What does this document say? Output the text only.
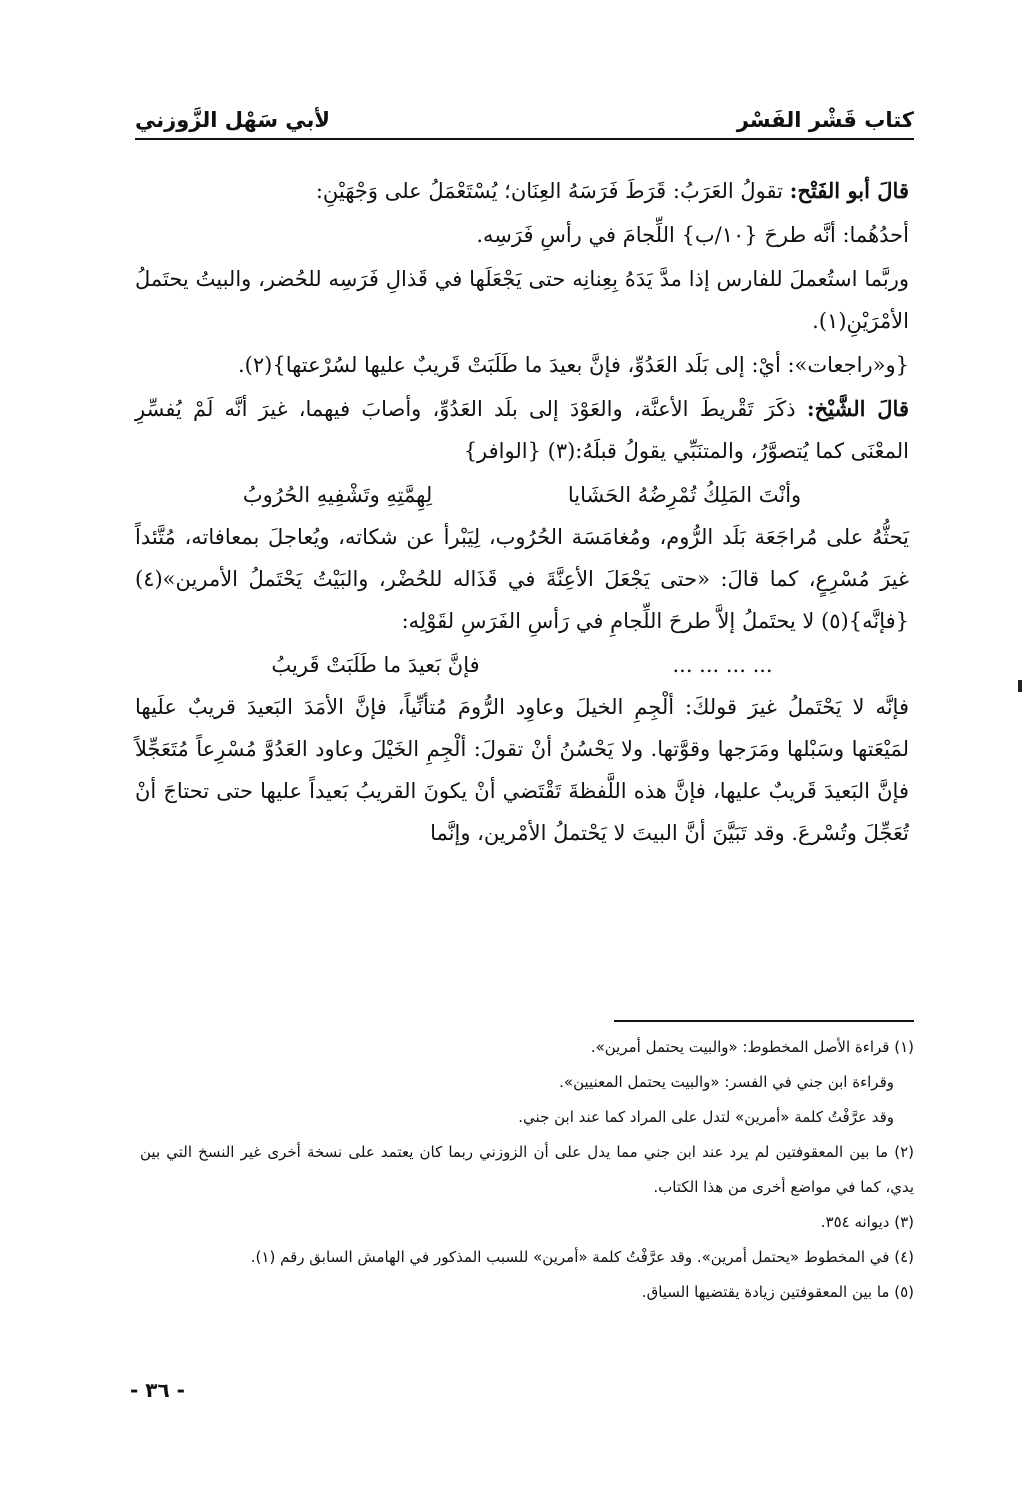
كتاب قَشْر الفَسْر
لأبي سَهْل الزَّوزني

قالَ أبو الفَتْح: تقولُ العَرَبُ: قَرَطَ فَرَسَهُ العِنَان؛ يُسْتَعْمَلُ على وَجْهَيْنِ:

أحدُهُما: أنَّه طرحَ {١٠/ب} اللِّجامَ في رأسِ فَرَسِه.

وربَّما استُعملَ للفارس إذا مدَّ يَدَهُ بِعِنانِه حتى يَجْعَلَها في قَذالِ فَرَسِه للحُضر، والبيتُ يحتَملُ الأمْرَيْنِ(١).

{و«راجعات»: أيْ: إلى بَلَد العَدُوِّ، فإنَّ بعيدَ ما طَلَبَتْ قَريبٌ عليها لسُرْعتها}(٢).

قالَ الشَّيْخ: ذكَرَ تَقْريطَ الأعنَّة، والعَوْدَ إلى بلَد العَدُوِّ، وأصابَ فيهما، غيرَ أنَّه لَمْ يُفسِّرِ المعْنَى كما يُتصوَّرُ، والمتنَبِّي يقولُ قبلَهُ:(٣) {الوافر}

وأنْتَ المَلِكُ تُمْرِضُهُ الحَشَايا
لِهِمَّتِهِ وتَشْفِيهِ الحُرُوبُ

يَحثُّهُ على مُراجَعَة بَلَد الرُّوم، ومُغامَسَة الحُرُوب، لِيَبْرأ عن شكاته، ويُعاجلَ بمعافاته، مُتَّئداً غيرَ مُسْرِعٍ، كما قالَ: «حتى يَجْعَلَ الأعِنَّةَ في قَذَاله للحُضْر، والبَيْتُ يَحْتَملُ الأمرين»(٤) {فإنَّه}(٥) لا يحتَملُ إلاَّ طرحَ اللِّجامِ في رَأسِ الفَرَسِ لقَوْلِه:

... ... ... ...
فإنَّ بَعيدَ ما طَلَبَتْ قَريبُ

فإنَّه لا يَحْتَملُ غيرَ قولكَ: ألْجِمِ الخيلَ وعاوِد الرُّومَ مُتأنِّياً، فإنَّ الأمَدَ البَعيدَ قريبٌ علَيها لمَيْعَتها وسَبْلها ومَرَجها وقوَّتها. ولا يَحْسُنُ أنْ تقولَ: ألْجِمِ الخَيْلَ وعاود العَدُوَّ مُسْرِعاً مُتَعَجِّلاً فإنَّ البَعيدَ قَريبٌ عليها، فإنَّ هذه اللَّفظةَ تَقْتَضي أنْ يكونَ القريبُ بَعيداً عليها حتى تحتاجَ أنْ تُعَجِّلَ وتُسْرعَ. وقد تَبَيَّنَ أنَّ البيتَ لا يَحْتملُ الأمْرين، وإنَّما

(١) قراءة الأصل المخطوط: «والبيت يحتمل أمرين».

وقراءة ابن جني في الفسر: «والبيت يحتمل المعنيين».

وقد عرَّفْتُ كلمة «أمرين» لتدل على المراد كما عند ابن جني.

(٢) ما بين المعقوفتين لم يرد عند ابن جني مما يدل على أن الزوزني ربما كان يعتمد على نسخة أخرى غير النسخ التي بين يدي، كما في مواضع أخرى من هذا الكتاب.

(٣) ديوانه ٣٥٤.

(٤) في المخطوط «يحتمل أمرين». وقد عرَّفْتُ كلمة «أمرين» للسبب المذكور في الهامش السابق رقم (١).

(٥) ما بين المعقوفتين زيادة يقتضيها السياق.

- ٣٦ -
